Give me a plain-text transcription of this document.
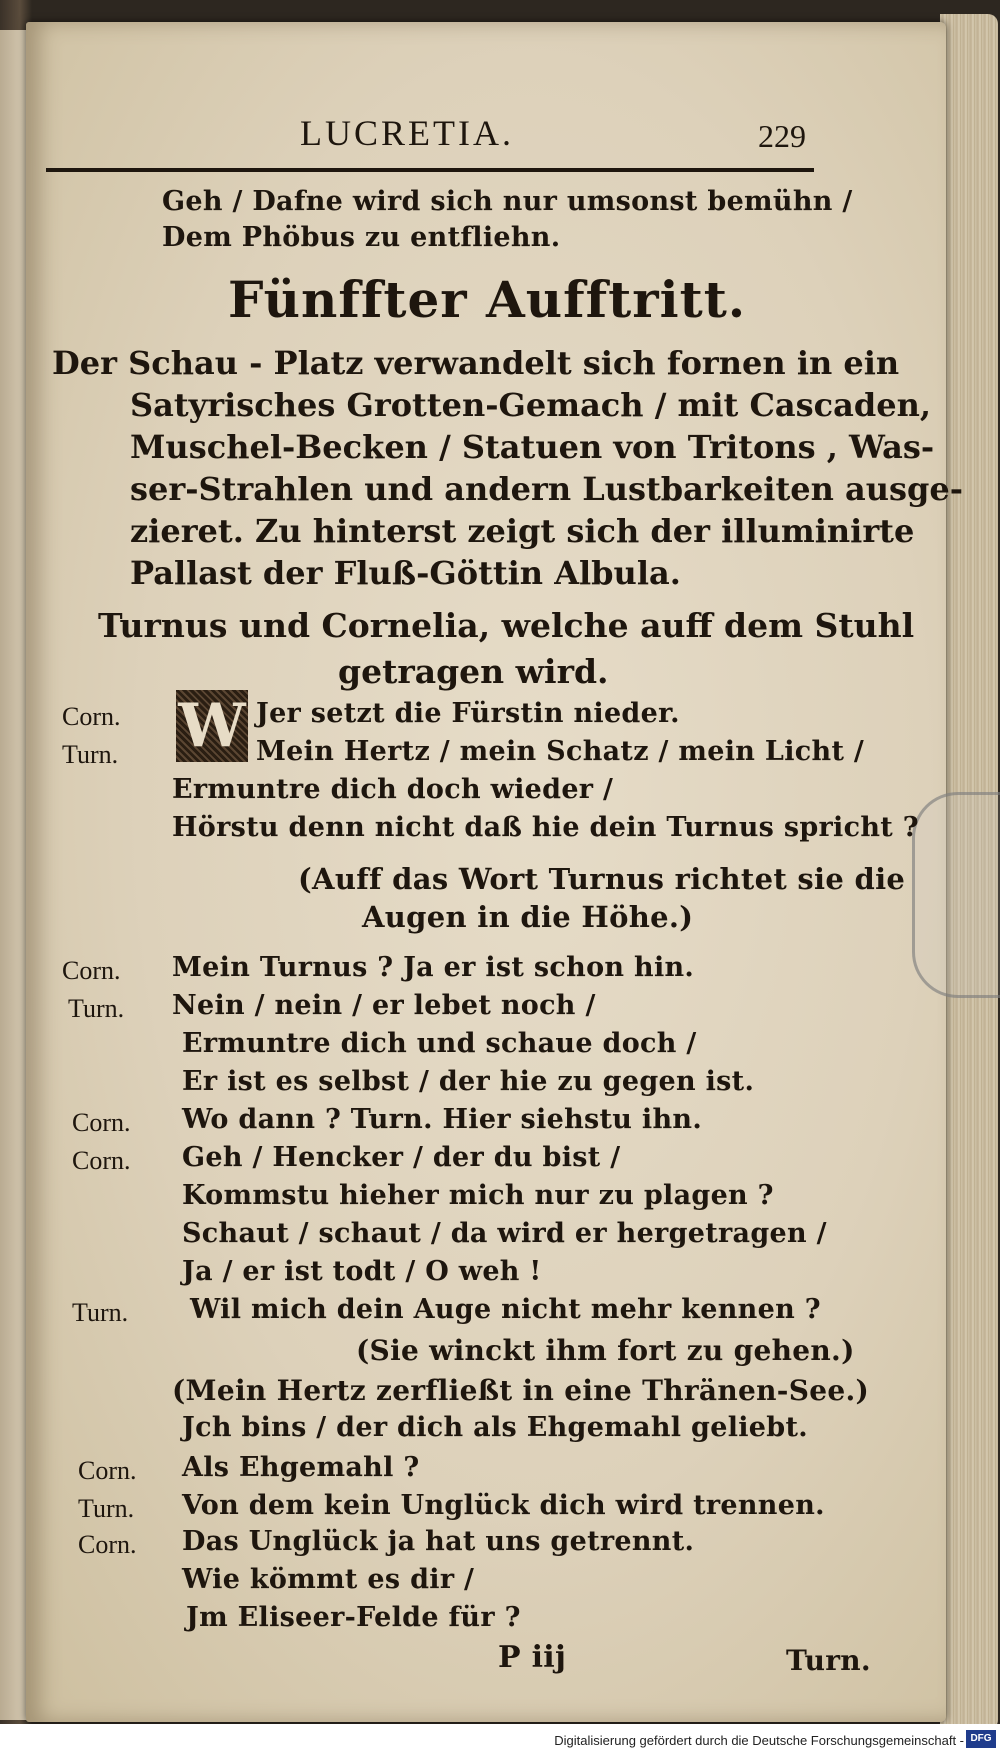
LUCRETIA.	229
Geh / Dafne wird sich nur umsonst bemühn /
Dem Phöbus zu entfliehn.
Fünffter Aufftritt.
Der Schau - Platz verwandelt sich fornen in ein
Satyrisches Grotten-Gemach / mit Cascaden,
Muschel-Becken / Statuen von Tritons , Was-
ser-Strahlen und andern Lustbarkeiten ausge-
zieret. Zu hinterst zeigt sich der illuminirte
Pallast der Fluß-Göttin Albula.
Turnus und Cornelia, welche auff dem Stuhl
getragen wird.
Corn. W Jer setzt die Fürstin nieder.
Turn.	Mein Hertz / mein Schatz / mein Licht /
Ermuntre dich doch wieder /
Hörstu denn nicht daß hie dein Turnus spricht ?
(Auff das Wort Turnus richtet sie die
Augen in die Höhe.)
Corn. Mein Turnus ? Ja er ist schon hin.
Turn. Nein / nein / er lebet noch /
Ermuntre dich und schaue doch /
Er ist es selbst / der hie zu gegen ist.
Corn. Wo dann ? Turn. Hier siehstu ihn.
Corn. Geh / Hencker / der du bist /
Kommstu hieher mich nur zu plagen ?
Schaut / schaut / da wird er hergetragen /
Ja / er ist todt / O weh !
Turn. Wil mich dein Auge nicht mehr kennen ?
(Sie winckt ihm fort zu gehen.)
(Mein Hertz zerfließt in eine Thränen-See.)
Jch bins / der dich als Ehgemahl geliebt.
Corn. Als Ehgemahl ?
Turn. Von dem kein Unglück dich wird trennen.
Corn. Das Unglück ja hat uns getrennt.
Wie kömmt es dir /
Jm Eliseer-Felde für ?
P iij	Turn.
Digitalisierung gefördert durch die Deutsche Forschungsgemeinschaft - DFG
